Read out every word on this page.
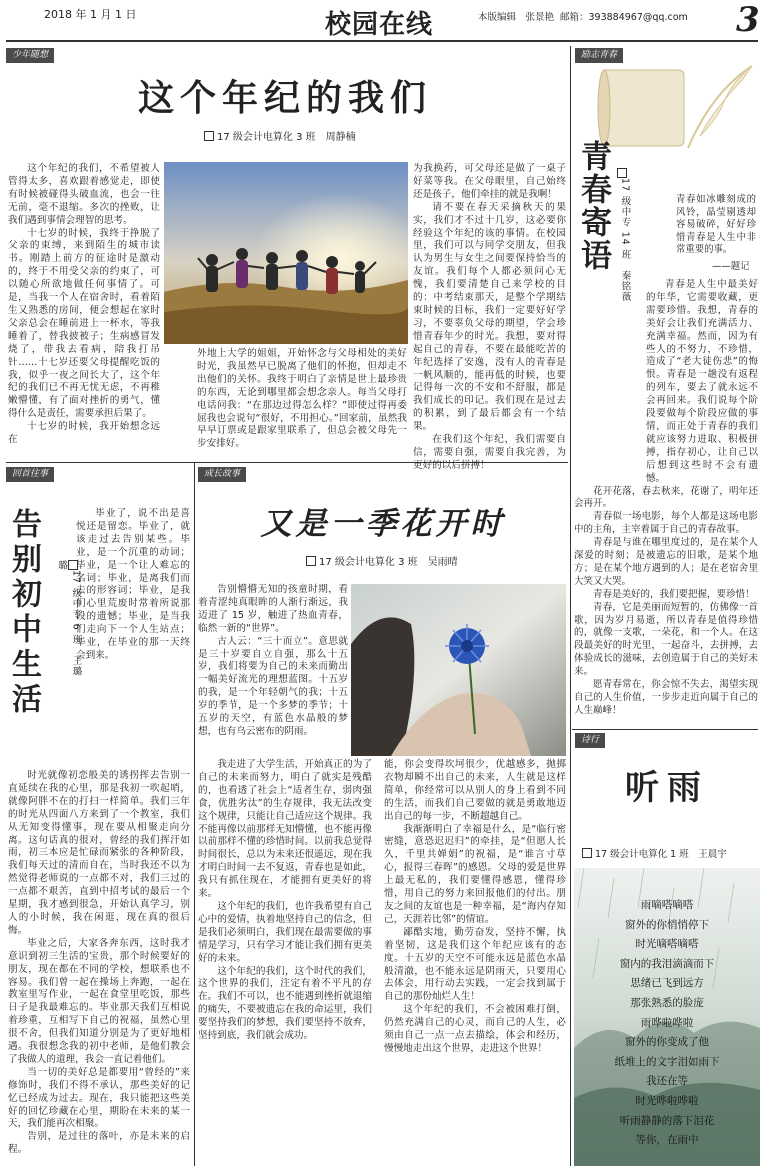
2018 年 1 月 1 日	校园在线	本版编辑　张景艳 邮箱：393884967@qq.com 3
少年随想
这个年纪的我们
17 级会计电算化 3 班　周静楠

这个年纪的我们，不希望被人管得太多，喜欢跟着感觉走，即使有时候被碰得头破血流，也会一往无前，毫不退缩。多次的挫败，让我们遇到事情会理智的思考。

十七岁的时候，我终于挣脱了父亲的束缚，来到陌生的城市读书。刚踏上前方的征途时是激动的，终于不用受父亲的约束了，可以随心所欲地做任何事情了。可是，当我一个人在宿舍时，看着陌生又熟悉的房间，便会想起在家时父亲总会在睡前进上一杯水，等我睡着了，替我披被子；生病感冒发烧了，带我去看病，陪我打吊针……十七岁还要父母提醒吃饭的我，似乎一夜之间长大了，这个年纪的我们已不再无忧无虑，不再稚嫩懵懂，有了面对挫折的勇气，懂得什么是责任，需要承担后果了。

十七岁的时候，我开始想念远在

外地上大学的姐姐，开始怀念与父母相处的美好时光，我虽然早已脱离了他们的怀抱，但却走不出他们的关怀。我终于明白了亲情是世上最珍贵的东西，无论到哪里都会想念亲人。每当父母打电话问我：“在那边过得怎么样？”即使过得再委屈我也会说句“很好，不用担心。”回家前，虽然我早早订票或是跟家里联系了，但总会被父母先一步安排好。

为我换药，可父母还是做了一桌子好菜等我。在父母眼里，自己始终还是孩子，他们牵挂的就是我啊！

请不要在春天采摘秋天的果实，我们才不过十几岁，这必要你经验这个年纪的该的事情。在校园里，我们可以与同学交朋友，但我认为男生与女生之间要保持恰当的友谊。我们每个人都必须问心无愧，我们要清楚自己来学校的目的：中考结束那天，是整个学期结束时候的目标，我们一定要好好学习，不要辜负父母的期望，学会珍惜青春年少的时光。我想，要对得起自己的青春，不要在最能吃苦的年纪选择了安逸，没有人的青春是一帆风顺的，能再低的时候，也要记得每一次的不安和不舒服，都是我们成长的印记。我们现在是过去的积累，到了最后都会有一个结果。

在我们这个年纪，我们需要自信，需要自强，需要自我完善，为更好的以后拼搏！

励志青春
青春寄语 17 级中专 14 班　秦铭薇	青春如冰雕刻成的风铃，晶莹剔透却容易破碎，好好珍惜青春是人生中非常重要的事。

——题记

青春是人生中最美好的年华，它需要收藏，更需要珍惜。我想，青春的美好会让我们充满活力、充满幸福。然而，因为有些人的不努力，不珍惜，造成了“老大徒伤悲”的悔恨。青春是一趟没有返程的列车，要去了就永远不会再回来。我们说每个阶段要做每个阶段应做的事情，而正处于青春的我们就应该努力进取、积极拼搏，指存初心，让自己以后想到这些时不会有遗憾。

花开花落，春去秋来，花谢了，明年还会再开。

青春似一场电影，每个人都是这场电影中的主角，主宰着属于自己的青春故事。

青春是与谁在哪里度过的，是在某个人深爱的时刻；是被遗忘的旧歌，是某个地方；是在某个地方遇到的人；是在老宿舍里大笑又大哭。

青春是美好的，我们要把握，要珍惜！

青春，它是美丽而短暂的，仿佛像一首歌，因为岁月易逝，所以青春是值得珍惜的，就像一支歌，一朵花，和一个人。在这段最美好的时光里，一起奋斗，去拼搏，去体验成长的滋味，去创造属于自己的美好未来。

愿青春常在，你会惊不失去，渴望实现自己的人生价值，一步步走近向属于自己的人生巅峰！

回首往事
告别初中生活	17 级中专 6 班　王璐璐

毕业了，说不出是喜悦还是留恋。毕业了，就该走过去告别某些。毕业，是一个沉重的动词；毕业，是一个让人难忘的名词；毕业，是离我们而去的形容词；毕业，是我们心里荒废时常着所说那段的遗憾；毕业，是当我们走向下一个人生站点；毕业，在毕业的那一天终会到来。

时光就像初恋般美的诱拐挥去告别一直延续在我的心里，那是我初一吹起哨，就像阿胖不在的打扫一样简单。我们三年的时光从四面八方来到了一个教室，我们从无知变得懂事，现在要从相聚走向分离。这句话真的很对，曾经的我们挥汗如雨，初三本应是忙碌而紧张的各种阶段，我们每天过的清而自在，当时我还不以为然觉得老师说的一点都不对，我们三过的一点都不艰苦，直到中招考试的最后一个星期，我才感到很急，开始认真学习，别人的小时候，我在闲逛，现在真的很后悔。

毕业之后，大家各奔东西，这时我才意识到初三生活的宝贵，那个时候要好的朋友，现在都在不同的学校，想联系也不容易。我们曾一起在操场上奔跑，一起在教室里写作业，一起在食堂里吃饭，那些日子是我最难忘的。毕业那天我们互相说着珍重，互相写下自己的祝福，虽然心里很不舍，但我们知道分别是为了更好地相遇。我很想念我的初中老师，是他们教会了我做人的道理，我会一直记着他们。

当一切的美好总是都要用“曾经的”来修饰时，我们不得不承认，那些美好的记忆已经成为过去。现在，我只能把这些美好的回忆珍藏在心里，期盼在未来的某一天，我们能再次相聚。

告别，是过往的落叶，亦是未来的启程。

成长故事
又是一季花开时
17 级会计电算化 3 班　吴雨晴

告别懵懵无知的孩童时期，看着青涩纯真眼眸的人渐行渐远，我迈进了 15 岁，触进了热血青春，临然一新的“世界”。

古人云：“三十而立”。意思就是三十岁要自立自强，那么十五岁，我们将要为自己的未来而勤出一幅美好流光的理想蓝图。十五岁的我，是一个年轻朝气的我；十五岁的季节，是一个多梦的季节；十五岁的天空，有蓝色水晶般的梦想，也有乌云密布的阴雨。

我走进了大学生活，开始真正的为了自己的未来而努力，明白了就实是残酷的，也看透了社会上“适者生存，弱肉强食，优胜劣汰”的生存规律，我无法改变这个规律，只能让自己适应这个规律。我不能再像以前那样无知懵懂，也不能再像以前那样不懂的珍惜时间。以前我总觉得时间很长，总以为未来还很遥远，现在我才明白时间一去不复返，青春也是如此，我只有抓住现在，才能拥有更美好的将来。

这个年纪的我们，也许我希望有自己心中的爱情，执着地坚持自己的信念，但是我们必须明白，我们现在最需要做的事情是学习，只有学习才能让我们拥有更美好的未来。

这个年纪的我们，这个时代的我们，这个世界的我们，注定有着不平凡的存在。我们不可以，也不能遇到挫折就退缩的痛失，不要被遗忘在我的命运里，我们要坚持我们的梦想，我们要坚持不放弃，坚持到底，我们就会成功。

能，你会变得坎坷很少，优越感多，抛掷衣物却瞬不出自己的未来，人生就是这样简单，你经常可以从别人的身上看到不同的生活，而我们自己要做的就是勇敢地迈出自己的每一步，不断超越自己。

我渐渐明白了幸福是什么，是“临行密密缝，意恐迟迟归”的牵挂，是“但愿人长久，千里共婵娟”的祝福，是“谁言寸草心，报得三春晖”的感恩。父母的爱是世界上最无私的，我们要懂得感恩，懂得珍惜，用自己的努力来回报他们的付出。朋友之间的友谊也是一种幸福，是“海内存知己，天涯若比邻”的情谊。

鄙酷实地，勤劳奋发，坚持不懈，执着坚韧，这是我们这个年纪应该有的态度。十五岁的天空不可能永远是蓝色水晶般清澈，也不能永远是阴雨天，只要用心去体会，用行动去实践，一定会找到属于自己的那份灿烂人生！

这个年纪的我们，不会被困难打倒，仍然充满自己的心灵，而自己的人生，必须由自己一点一点去描绘，体会和经历，慢慢地走出这个世界，走进这个世界！

诗行
听雨
17 级会计电算化 1 班　王晨宇
雨嘀嗒嘀嗒
窗外的你悄悄停下
时光嘀嗒嘀嗒
窗内的我泪滴滴而下
思绪已飞到远方
那张熟悉的脸庞
雨哗啦哗啦
窗外的你变成了他
纸堆上的文字泪如雨下
我还在等
时光哗啦哗啦
听雨静静的落下泪花
等你，在雨中
